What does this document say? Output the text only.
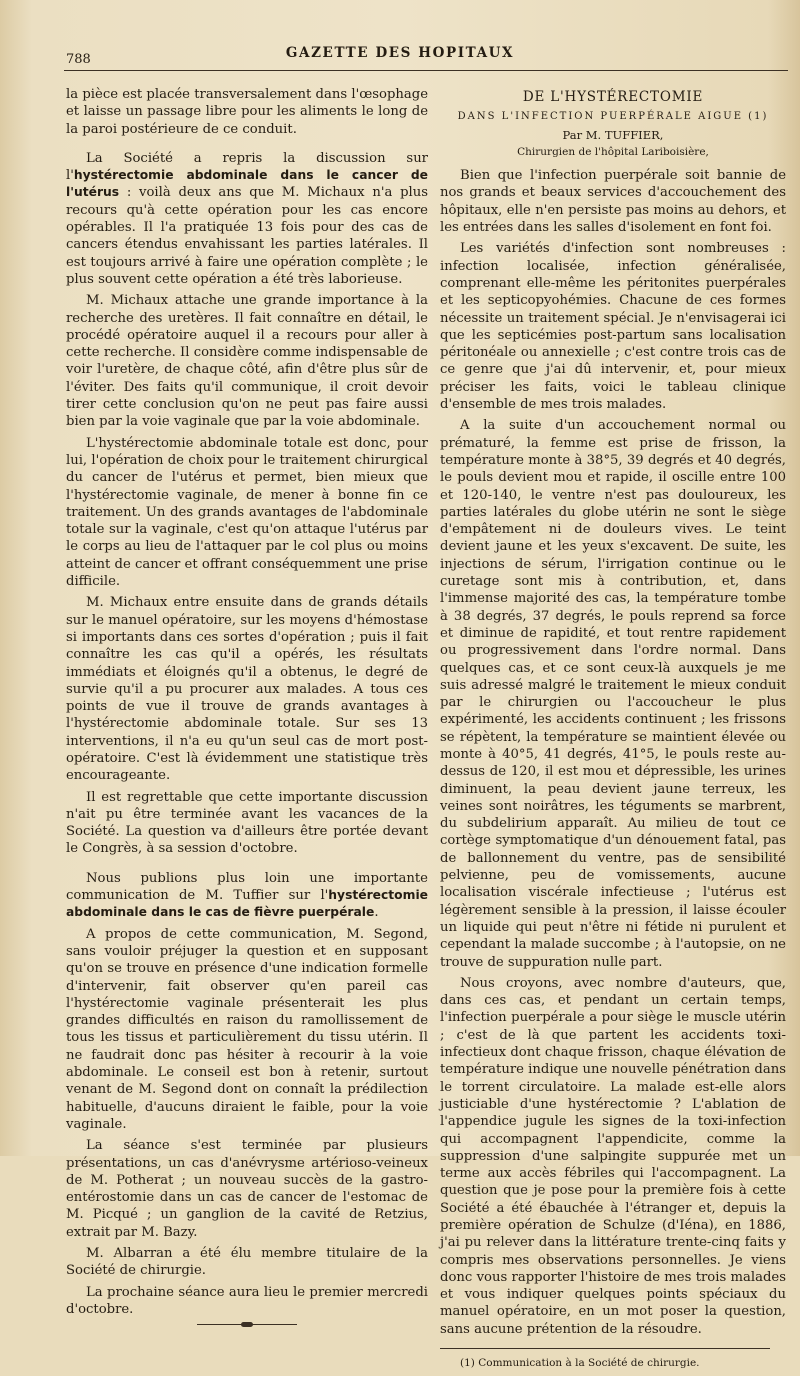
788	GAZETTE DES HOPITAUX

la pièce est placée transversalement dans l'œsophage et laisse un passage libre pour les aliments le long de la paroi postérieure de ce conduit.

La Société a repris la discussion sur l'hystérectomie abdominale dans le cancer de l'utérus : voilà deux ans que M. Michaux n'a plus recours qu'à cette opération pour les cas encore opérables. Il l'a pratiquée 13 fois pour des cas de cancers étendus envahissant les parties latérales. Il est toujours arrivé à faire une opération complète ; le plus souvent cette opération a été très laborieuse.

M. Michaux attache une grande importance à la recherche des uretères. Il fait connaître en détail, le procédé opératoire auquel il a recours pour aller à cette recherche. Il considère comme indispensable de voir l'uretère, de chaque côté, afin d'être plus sûr de l'éviter. Des faits qu'il communique, il croit devoir tirer cette conclusion qu'on ne peut pas faire aussi bien par la voie vaginale que par la voie abdominale.

L'hystérectomie abdominale totale est donc, pour lui, l'opération de choix pour le traitement chirurgical du cancer de l'utérus et permet, bien mieux que l'hystérectomie vaginale, de mener à bonne fin ce traitement. Un des grands avantages de l'abdominale totale sur la vaginale, c'est qu'on attaque l'utérus par le corps au lieu de l'attaquer par le col plus ou moins atteint de cancer et offrant conséquemment une prise difficile.

M. Michaux entre ensuite dans de grands détails sur le manuel opératoire, sur les moyens d'hémostase si importants dans ces sortes d'opération ; puis il fait connaître les cas qu'il a opérés, les résultats immédiats et éloignés qu'il a obtenus, le degré de survie qu'il a pu procurer aux malades. A tous ces points de vue il trouve de grands avantages à l'hystérectomie abdominale totale. Sur ses 13 interventions, il n'a eu qu'un seul cas de mort post-opératoire. C'est là évidemment une statistique très encourageante.

Il est regrettable que cette importante discussion n'ait pu être terminée avant les vacances de la Société. La question va d'ailleurs être portée devant le Congrès, à sa session d'octobre.

Nous publions plus loin une importante communication de M. Tuffier sur l'hystérectomie abdominale dans le cas de fièvre puerpérale.

A propos de cette communication, M. Segond, sans vouloir préjuger la question et en supposant qu'on se trouve en présence d'une indication formelle d'intervenir, fait observer qu'en pareil cas l'hystérectomie vaginale présenterait les plus grandes difficultés en raison du ramollissement de tous les tissus et particulièrement du tissu utérin. Il ne faudrait donc pas hésiter à recourir à la voie abdominale. Le conseil est bon à retenir, surtout venant de M. Segond dont on connaît la prédilection habituelle, d'aucuns diraient le faible, pour la voie vaginale.

La séance s'est terminée par plusieurs présentations, un cas d'anévrysme artérioso-veineux de M. Potherat ; un nouveau succès de la gastro-entérostomie dans un cas de cancer de l'estomac de M. Picqué ; un ganglion de la cavité de Retzius, extrait par M. Bazy.

M. Albarran a été élu membre titulaire de la Société de chirurgie.

La prochaine séance aura lieu le premier mercredi d'octobre.

DE L'HYSTÉRECTOMIE
DANS L'INFECTION PUERPÉRALE AIGUE (1)
Par M. TUFFIER,
Chirurgien de l'hôpital Lariboisière,

Bien que l'infection puerpérale soit bannie de nos grands et beaux services d'accouchement des hôpitaux, elle n'en persiste pas moins au dehors, et les entrées dans les salles d'isolement en font foi.

Les variétés d'infection sont nombreuses : infection localisée, infection généralisée, comprenant elle-même les péritonites puerpérales et les septicopyohémies. Chacune de ces formes nécessite un traitement spécial. Je n'envisagerai ici que les septicémies post-partum sans localisation péritonéale ou annexielle ; c'est contre trois cas de ce genre que j'ai dû intervenir, et, pour mieux préciser les faits, voici le tableau clinique d'ensemble de mes trois malades.

A la suite d'un accouchement normal ou prématuré, la femme est prise de frisson, la température monte à 38°5, 39 degrés et 40 degrés, le pouls devient mou et rapide, il oscille entre 100 et 120-140, le ventre n'est pas douloureux, les parties latérales du globe utérin ne sont le siège d'empâtement ni de douleurs vives. Le teint devient jaune et les yeux s'excavent. De suite, les injections de sérum, l'irrigation continue ou le curetage sont mis à contribution, et, dans l'immense majorité des cas, la température tombe à 38 degrés, 37 degrés, le pouls reprend sa force et diminue de rapidité, et tout rentre rapidement ou progressivement dans l'ordre normal. Dans quelques cas, et ce sont ceux-là auxquels je me suis adressé malgré le traitement le mieux conduit par le chirurgien ou l'accoucheur le plus expérimenté, les accidents continuent ; les frissons se répètent, la température se maintient élevée ou monte à 40°5, 41 degrés, 41°5, le pouls reste au-dessus de 120, il est mou et dépressible, les urines diminuent, la peau devient jaune terreux, les veines sont noirâtres, les téguments se marbrent, du subdelirium apparaît. Au milieu de tout ce cortège symptomatique d'un dénouement fatal, pas de ballonnement du ventre, pas de sensibilité pelvienne, peu de vomissements, aucune localisation viscérale infectieuse ; l'utérus est légèrement sensible à la pression, il laisse écouler un liquide qui peut n'être ni fétide ni purulent et cependant la malade succombe ; à l'autopsie, on ne trouve de suppuration nulle part.

Nous croyons, avec nombre d'auteurs, que, dans ces cas, et pendant un certain temps, l'infection puerpérale a pour siège le muscle utérin ; c'est de là que partent les accidents toxi-infectieux dont chaque frisson, chaque élévation de température indique une nouvelle pénétration dans le torrent circulatoire. La malade est-elle alors justiciable d'une hystérectomie ? L'ablation de l'appendice jugule les signes de la toxi-infection qui accompagnent l'appendicite, comme la suppression d'une salpingite suppurée met un terme aux accès fébriles qui l'accompagnent. La question que je pose pour la première fois à cette Société a été ébauchée à l'étranger et, depuis la première opération de Schulze (d'Iéna), en 1886, j'ai pu relever dans la littérature trente-cinq faits y compris mes observations personnelles. Je viens donc vous rapporter l'histoire de mes trois malades et vous indiquer quelques points spéciaux du manuel opératoire, en un mot poser la question, sans aucune prétention de la résoudre.

(1) Communication à la Société de chirurgie.
